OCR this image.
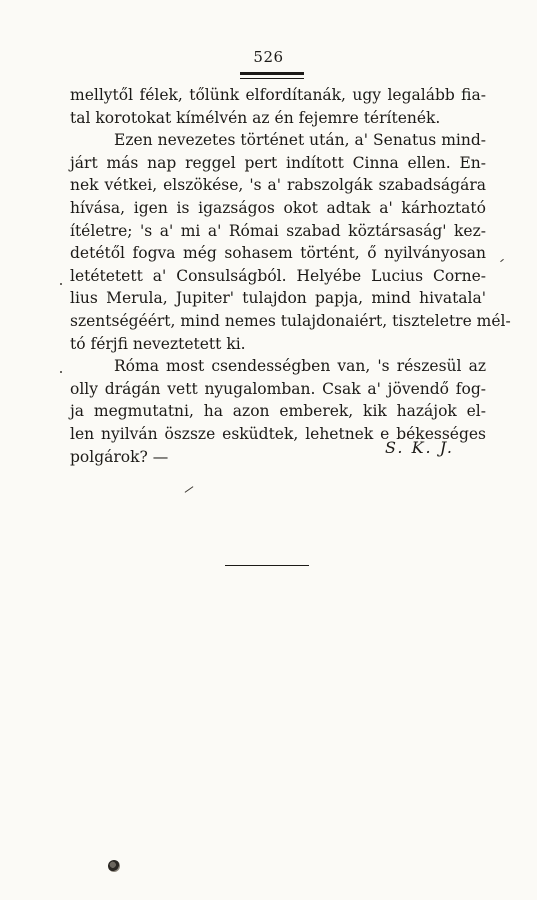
526
mellytől félek, tőlünk elfordítanák, ugy legalább fia-
tal korotokat kímélvén az én fejemre térítenék.
Ezen nevezetes történet után, a' Senatus mind-
járt más nap reggel pert indított Cinna ellen. En-
nek vétkei, elszökése, 's a' rabszolgák szabadságára
hívása, igen is igazságos okot adtak a' kárhoztató
ítéletre; 's a' mi a' Római szabad köztársaság' kez-
detétől fogva még sohasem történt, ő nyilványosan
letétetett a' Consulságból. Helyébe Lucius Corne-
lius Merula, Jupiter' tulajdon papja, mind hivatala'
szentségéért, mind nemes tulajdonaiért, tiszteletre mél-
tó férjfi neveztetett ki.
Róma most csendességben van, 's részesül az
olly drágán vett nyugalomban. Csak a' jövendő fog-
ja megmutatni, ha azon emberek, kik hazájok el-
len nyilván öszsze esküdtek, lehetnek e békességes
polgárok? —	S. K. J.
